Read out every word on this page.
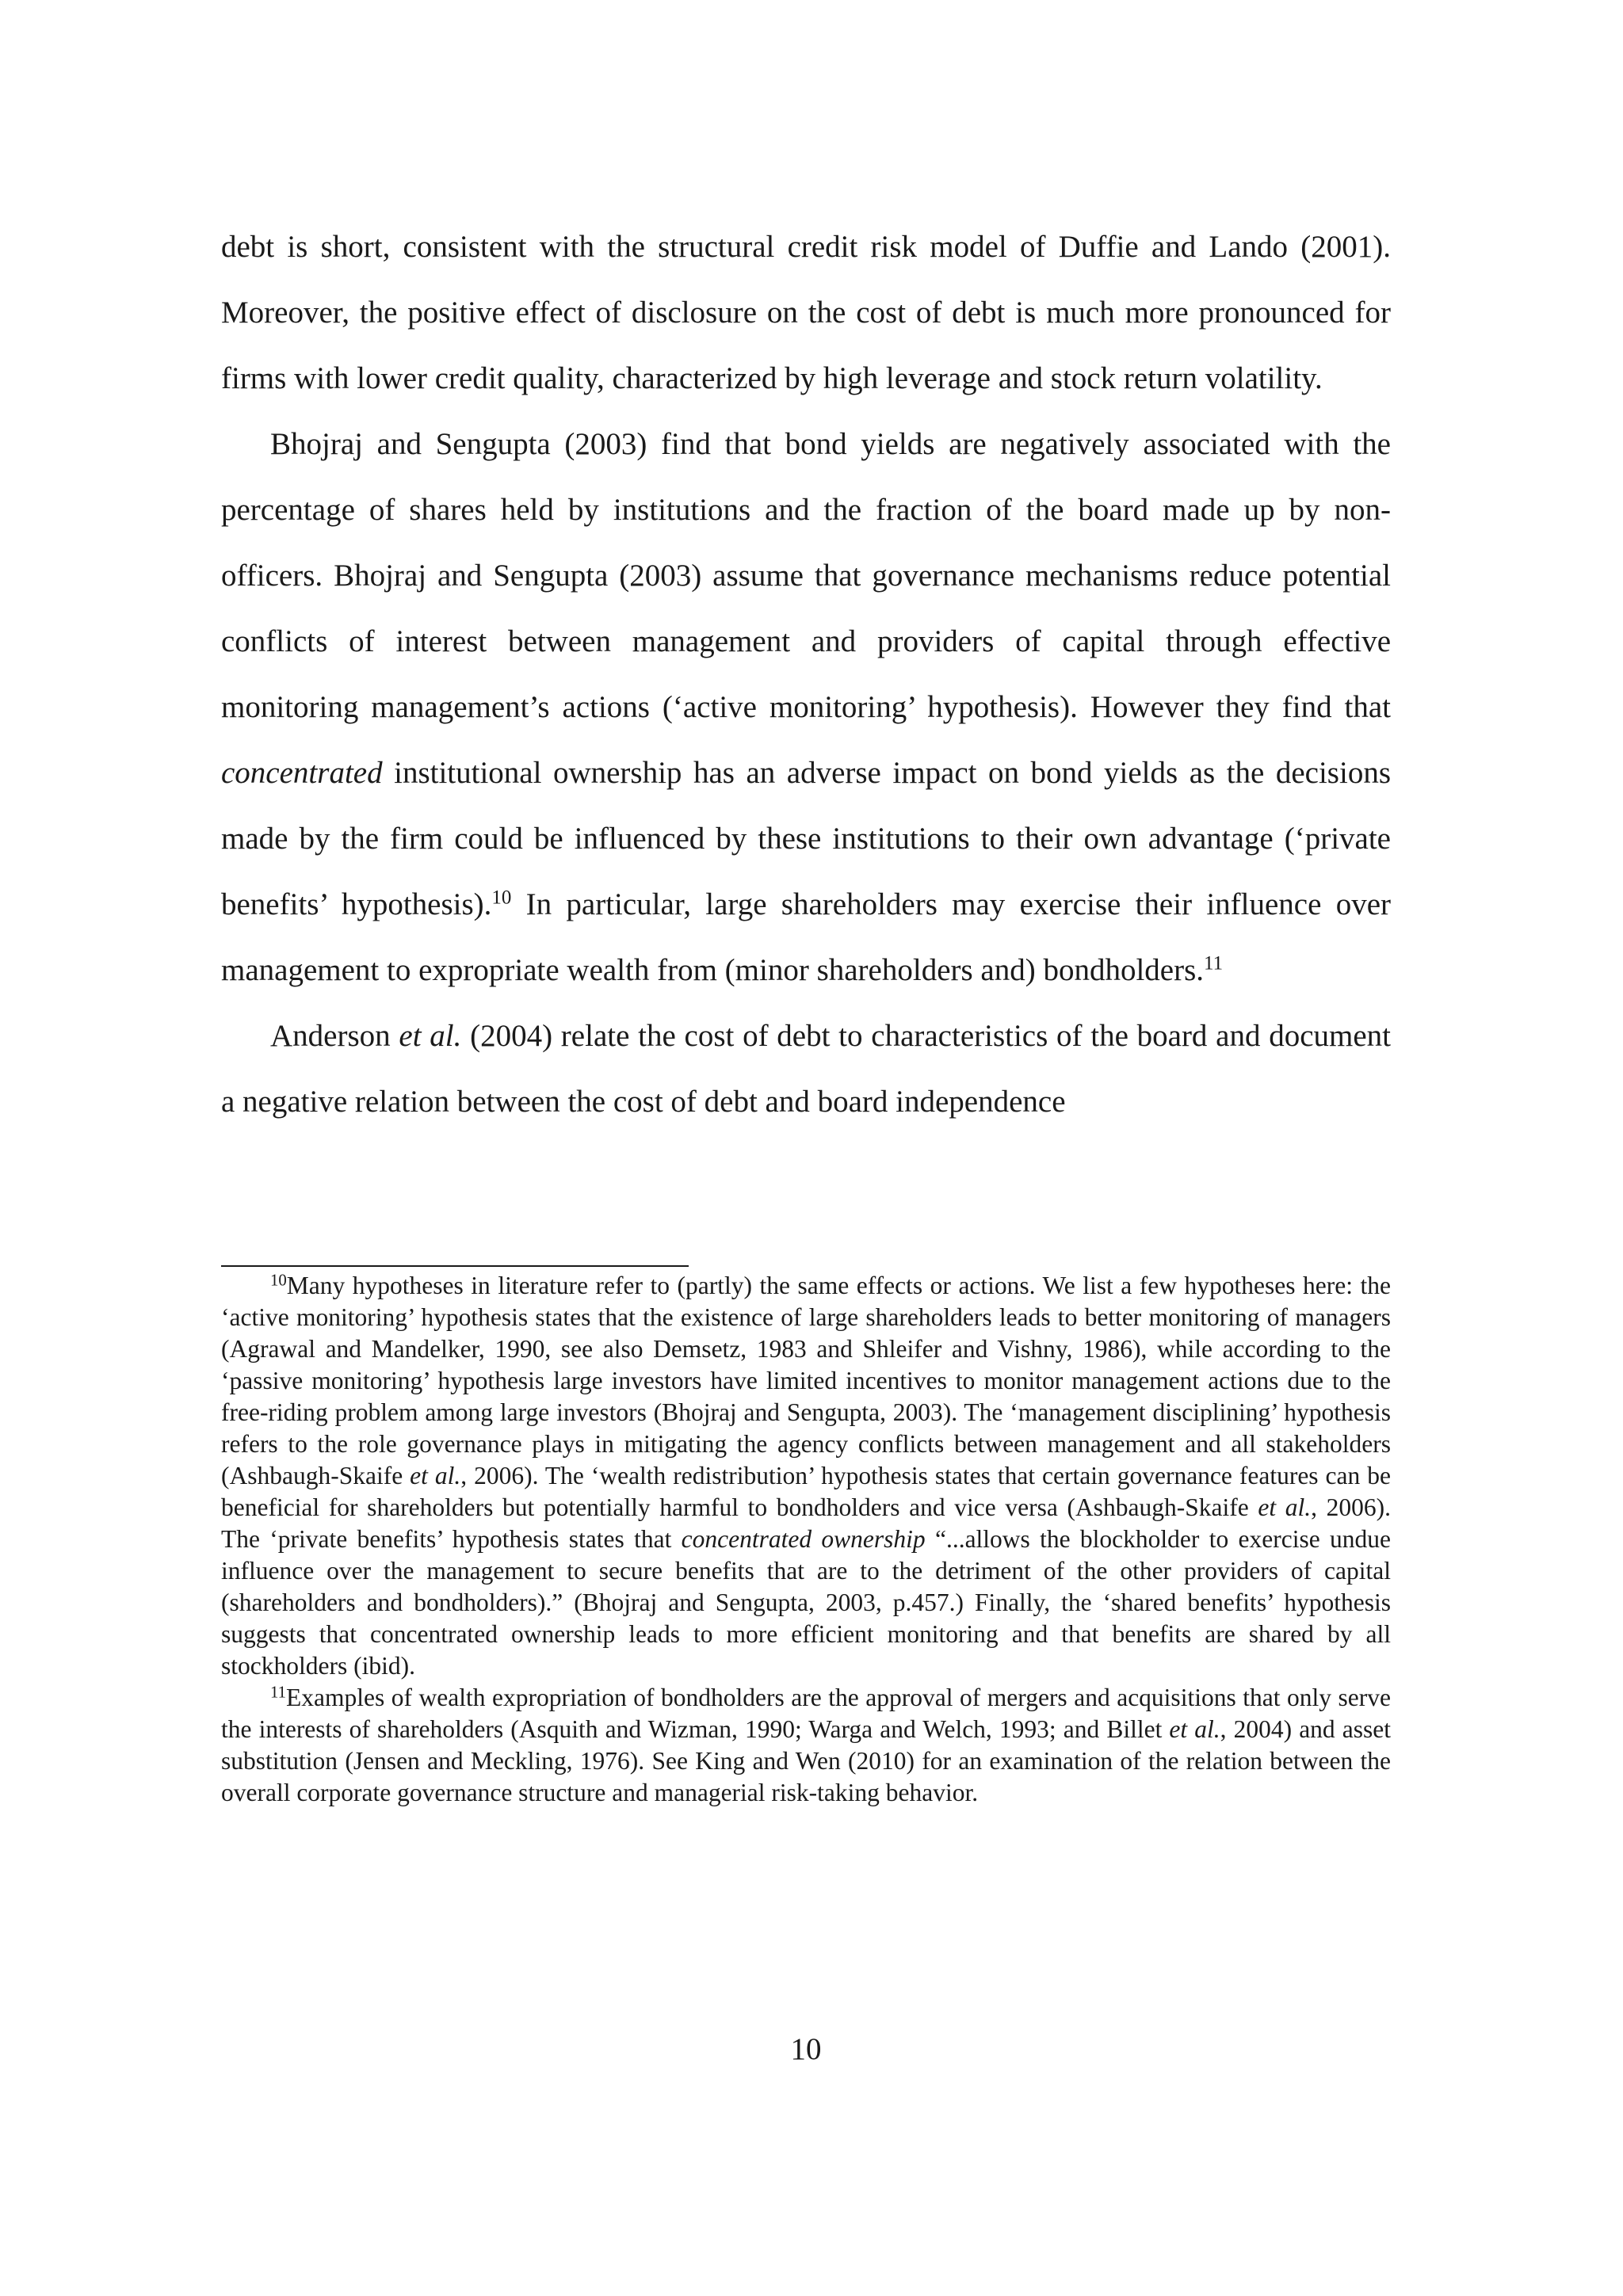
debt is short, consistent with the structural credit risk model of Duffie and Lando (2001). Moreover, the positive effect of disclosure on the cost of debt is much more pronounced for firms with lower credit quality, characterized by high leverage and stock return volatility.

Bhojraj and Sengupta (2003) find that bond yields are negatively associated with the percentage of shares held by institutions and the fraction of the board made up by non-officers. Bhojraj and Sengupta (2003) assume that governance mechanisms reduce potential conflicts of interest between management and providers of capital through effective monitoring management’s actions (‘active monitoring’ hypothesis). However they find that concentrated institutional ownership has an adverse impact on bond yields as the decisions made by the firm could be influenced by these institutions to their own advantage (‘private benefits’ hypothesis).$^{10}$ In particular, large shareholders may exercise their influence over management to expropriate wealth from (minor shareholders and) bondholders.$^{11}$

Anderson et al. (2004) relate the cost of debt to characteristics of the board and document a negative relation between the cost of debt and board independence

$^{10}$Many hypotheses in literature refer to (partly) the same effects or actions. We list a few hypotheses here: the ‘active monitoring’ hypothesis states that the existence of large shareholders leads to better monitoring of managers (Agrawal and Mandelker, 1990, see also Demsetz, 1983 and Shleifer and Vishny, 1986), while according to the ‘passive monitoring’ hypothesis large investors have limited incentives to monitor management actions due to the free-riding problem among large investors (Bhojraj and Sengupta, 2003). The ‘management disciplining’ hypothesis refers to the role governance plays in mitigating the agency conflicts between management and all stakeholders (Ashbaugh-Skaife et al., 2006). The ‘wealth redistribution’ hypothesis states that certain governance features can be beneficial for shareholders but potentially harmful to bondholders and vice versa (Ashbaugh-Skaife et al., 2006). The ‘private benefits’ hypothesis states that concentrated ownership “...allows the blockholder to exercise undue influence over the management to secure benefits that are to the detriment of the other providers of capital (shareholders and bondholders).” (Bhojraj and Sengupta, 2003, p.457.) Finally, the ‘shared benefits’ hypothesis suggests that concentrated ownership leads to more efficient monitoring and that benefits are shared by all stockholders (ibid).

$^{11}$Examples of wealth expropriation of bondholders are the approval of mergers and acquisitions that only serve the interests of shareholders (Asquith and Wizman, 1990; Warga and Welch, 1993; and Billet et al., 2004) and asset substitution (Jensen and Meckling, 1976). See King and Wen (2010) for an examination of the relation between the overall corporate governance structure and managerial risk-taking behavior.

10
